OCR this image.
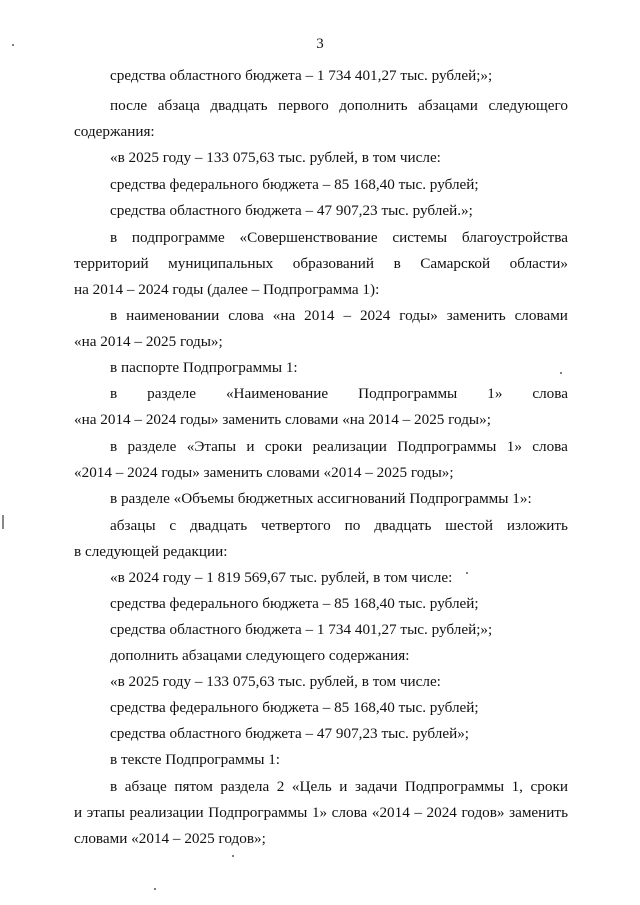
3
средства областного бюджета – 1 734 401,27 тыс. рублей;»;
после абзаца двадцать первого дополнить абзацами следующего
содержания:
«в 2025 году – 133 075,63 тыс. рублей, в том числе:
средства федерального бюджета – 85 168,40 тыс. рублей;
средства областного бюджета – 47 907,23 тыс. рублей.»;
в подпрограмме «Совершенствование системы благоустройства
территорий муниципальных образований в Самарской области»
на 2014 – 2024 годы (далее – Подпрограмма 1):
в наименовании слова «на 2014 – 2024 годы» заменить словами
«на 2014 – 2025 годы»;
в паспорте Подпрограммы 1:
в разделе «Наименование Подпрограммы 1» слова
«на 2014 – 2024 годы» заменить словами «на 2014 – 2025 годы»;
в разделе «Этапы и сроки реализации Подпрограммы 1» слова
«2014 – 2024 годы» заменить словами «2014 – 2025 годы»;
в разделе «Объемы бюджетных ассигнований Подпрограммы 1»:
абзацы с двадцать четвертого по двадцать шестой изложить
в следующей редакции:
«в 2024 году – 1 819 569,67 тыс. рублей, в том числе:
средства федерального бюджета – 85 168,40 тыс. рублей;
средства областного бюджета – 1 734 401,27 тыс. рублей;»;
дополнить абзацами следующего содержания:
«в 2025 году – 133 075,63 тыс. рублей, в том числе:
средства федерального бюджета – 85 168,40 тыс. рублей;
средства областного бюджета – 47 907,23 тыс. рублей»;
в тексте Подпрограммы 1:
в абзаце пятом раздела 2 «Цель и задачи Подпрограммы 1, сроки
и этапы реализации Подпрограммы 1» слова «2014 – 2024 годов» заменить
словами «2014 – 2025 годов»;
